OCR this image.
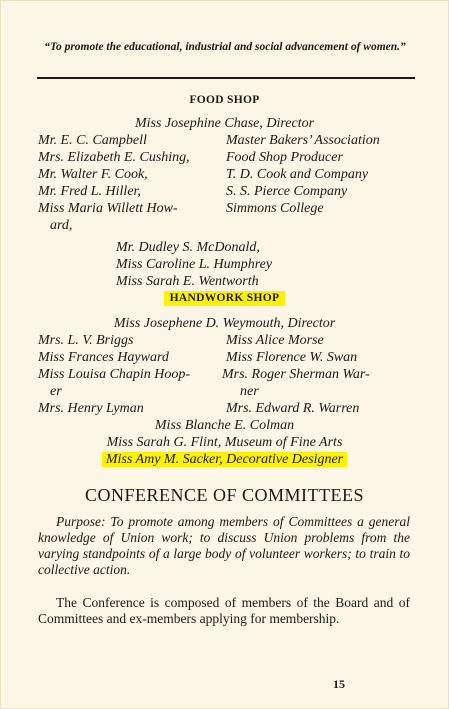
“To promote the educational, industrial and social advancement of women.”
FOOD SHOP
Miss Josephine Chase, Director
Mr. E. C. Campbell	Master Bakers’ Association
Mrs. Elizabeth E. Cushing,	Food Shop Producer
Mr. Walter F. Cook,	T. D. Cook and Company
Mr. Fred L. Hiller,	S. S. Pierce Company
Miss Maria Willett How-	Simmons College
ard,
Mr. Dudley S. McDonald,
Miss Caroline L. Humphrey
Miss Sarah E. Wentworth
HANDWORK SHOP
Miss Josephene D. Weymouth, Director
Mrs. L. V. Briggs	Miss Alice Morse
Miss Frances Hayward	Miss Florence W. Swan
Miss Louisa Chapin Hoop- Mrs. Roger Sherman War-
er	ner
Mrs. Henry Lyman	Mrs. Edward R. Warren
Miss Blanche E. Colman
Miss Sarah G. Flint, Museum of Fine Arts
Miss Amy M. Sacker, Decorative Designer
CONFERENCE OF COMMITTEES
Purpose: To promote among members of Committees a general knowledge of Union work; to discuss Union problems from the varying standpoints of a large body of volunteer workers; to train to collective action.
The Conference is composed of members of the Board and of Committees and ex-members applying for membership.
15
